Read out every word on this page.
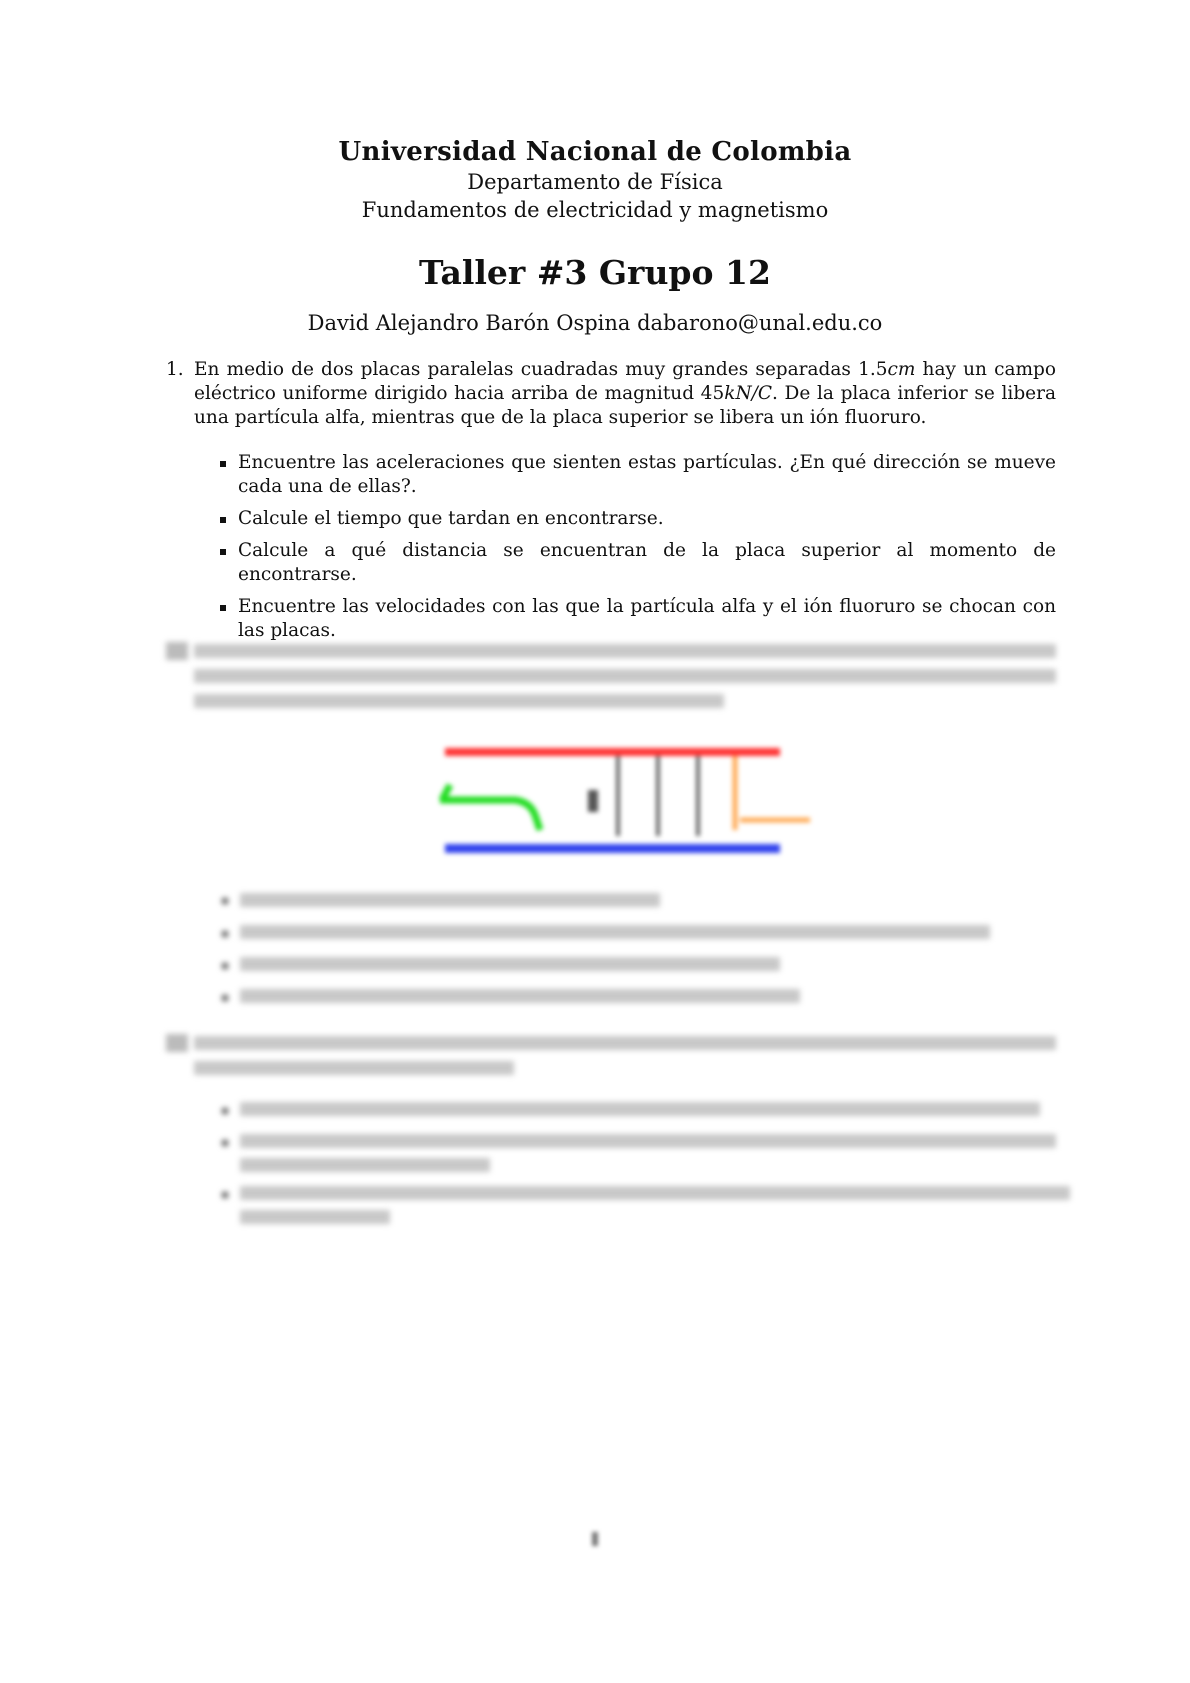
Universidad Nacional de Colombia
Departamento de Física
Fundamentos de electricidad y magnetismo
Taller #3 Grupo 12
David Alejandro Barón Ospina dabarono@unal.edu.co
1. En medio de dos placas paralelas cuadradas muy grandes separadas 1.5cm hay un campo eléctrico uniforme dirigido hacia arriba de magnitud 45kN/C. De la placa inferior se libera una partícula alfa, mientras que de la placa superior se libera un ión fluoruro.
Encuentre las aceleraciones que sienten estas partículas. ¿En qué dirección se mueve cada una de ellas?.
Calcule el tiempo que tardan en encontrarse.
Calcule a qué distancia se encuentran de la placa superior al momento de encontrarse.
Encuentre las velocidades con las que la partícula alfa y el ión fluoruro se chocan con las placas.
